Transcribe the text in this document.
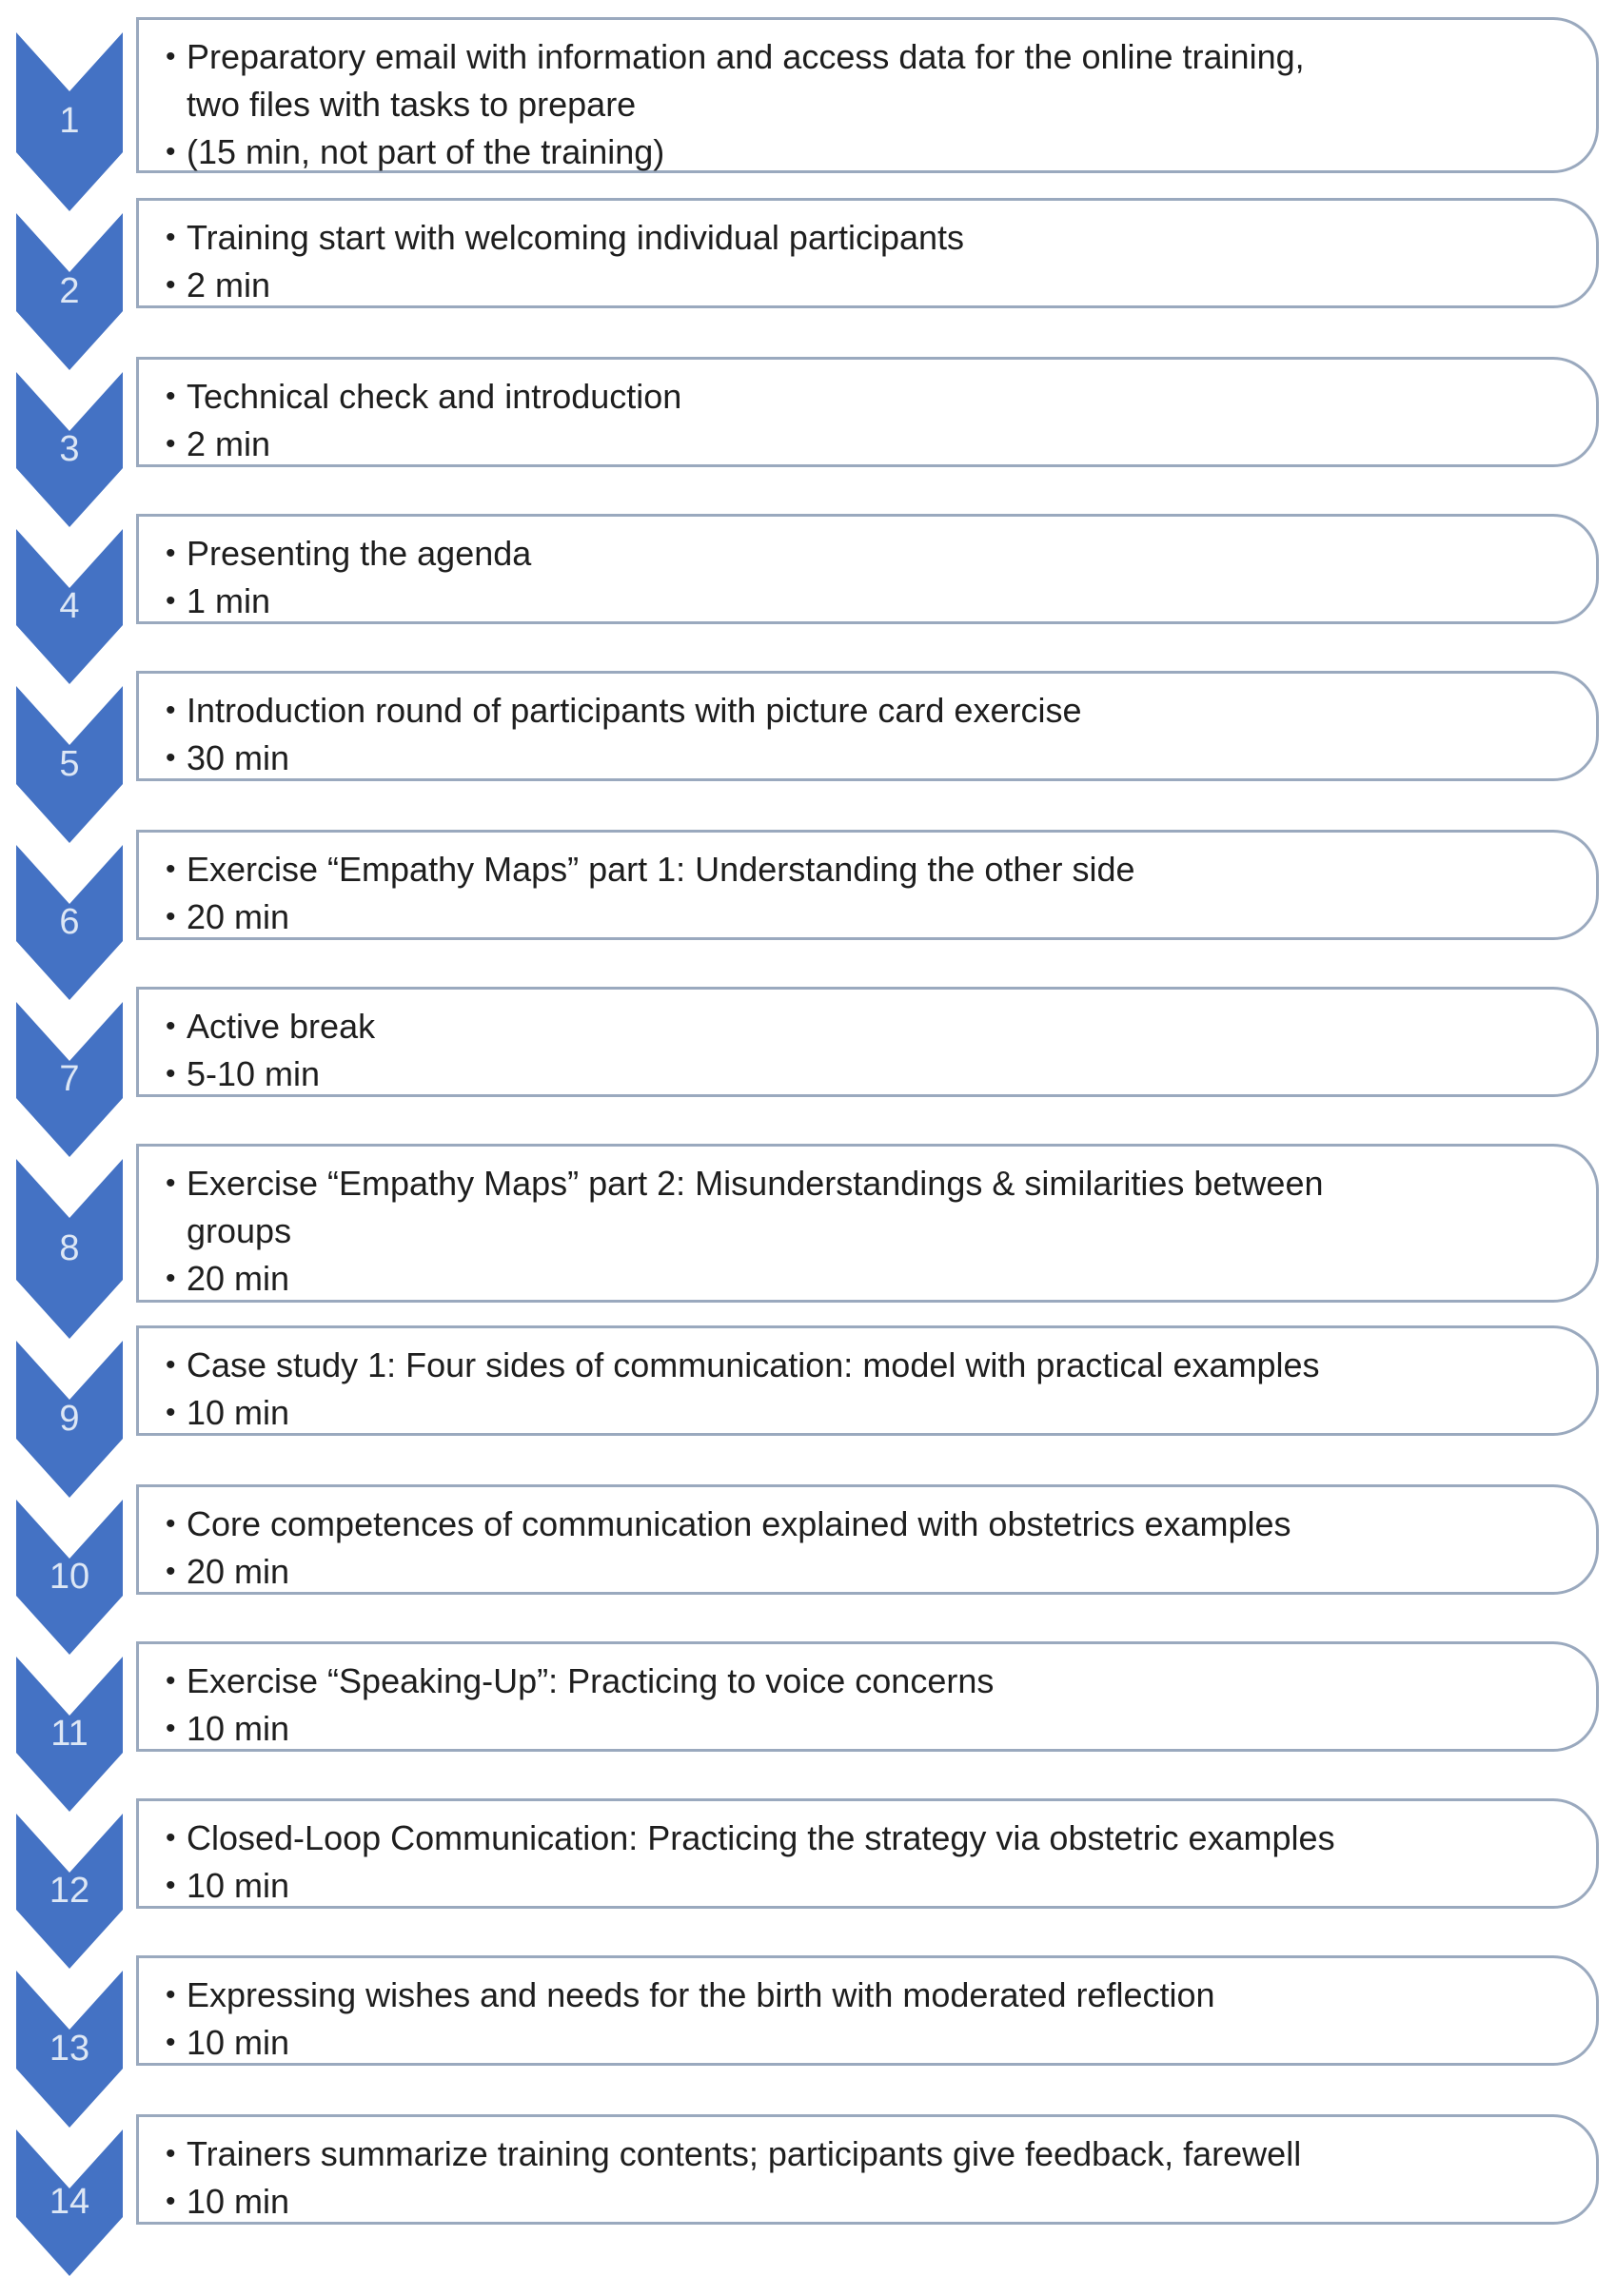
1
• Preparatory email with information and access data for the online training,
two files with tasks to prepare
• (15 min, not part of the training)
2
• Training start with welcoming individual participants
• 2 min
3
• Technical check and introduction
• 2 min
4
• Presenting the agenda
• 1 min
5
• Introduction round of participants with picture card exercise
• 30 min
6
• Exercise “Empathy Maps” part 1: Understanding the other side
• 20 min
7
• Active break
• 5-10 min
8
• Exercise “Empathy Maps” part 2: Misunderstandings & similarities between
groups
• 20 min
9
• Case study 1: Four sides of communication: model with practical examples
• 10 min
10
• Core competences of communication explained with obstetrics examples
• 20 min
11
• Exercise “Speaking-Up”: Practicing to voice concerns
• 10 min
12
• Closed-Loop Communication: Practicing the strategy via obstetric examples
• 10 min
13
• Expressing wishes and needs for the birth with moderated reflection
• 10 min
14
• Trainers summarize training contents; participants give feedback, farewell
• 10 min
